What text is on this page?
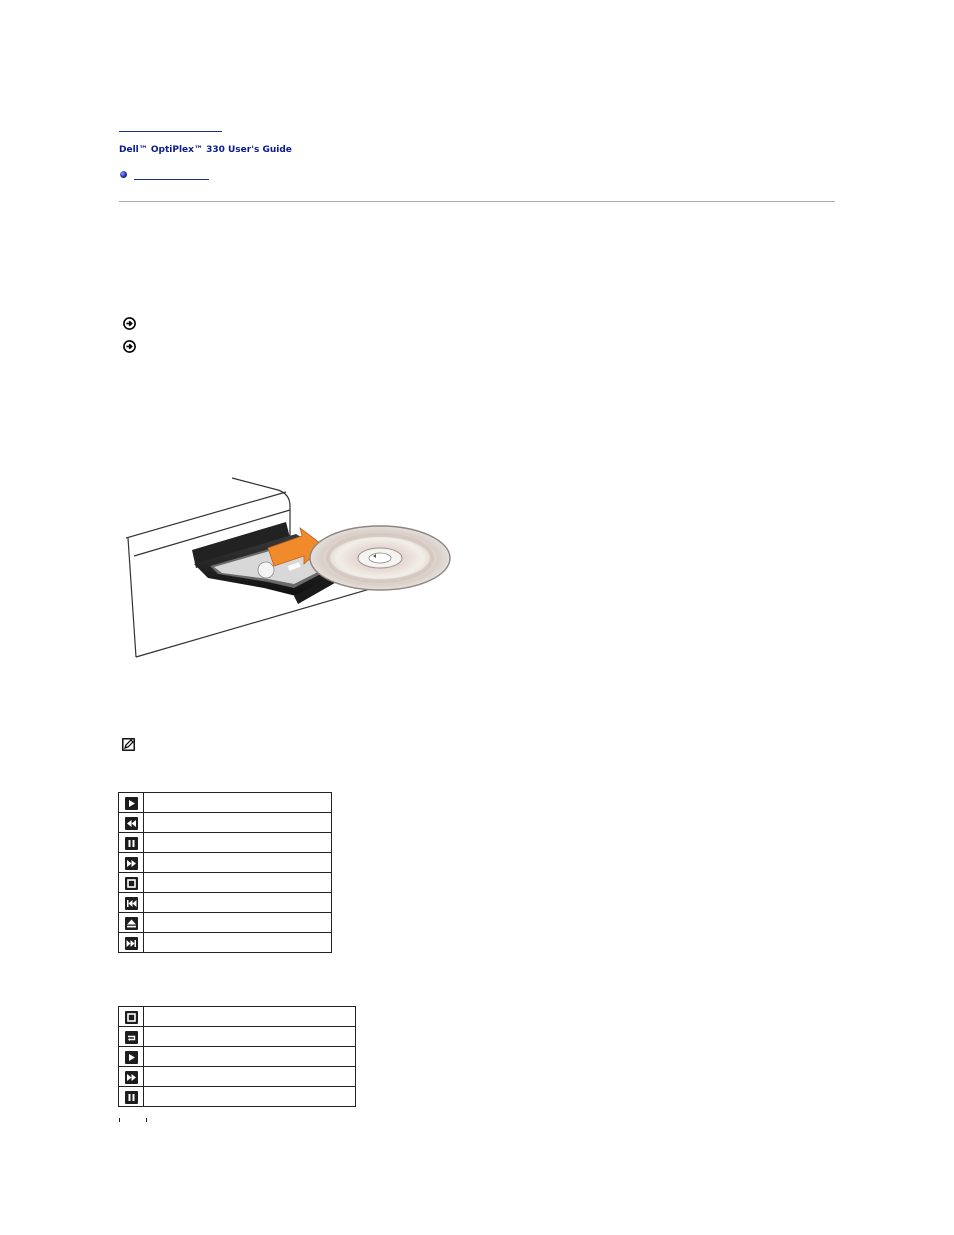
Dell™ OptiPlex™ 330 User's Guide
